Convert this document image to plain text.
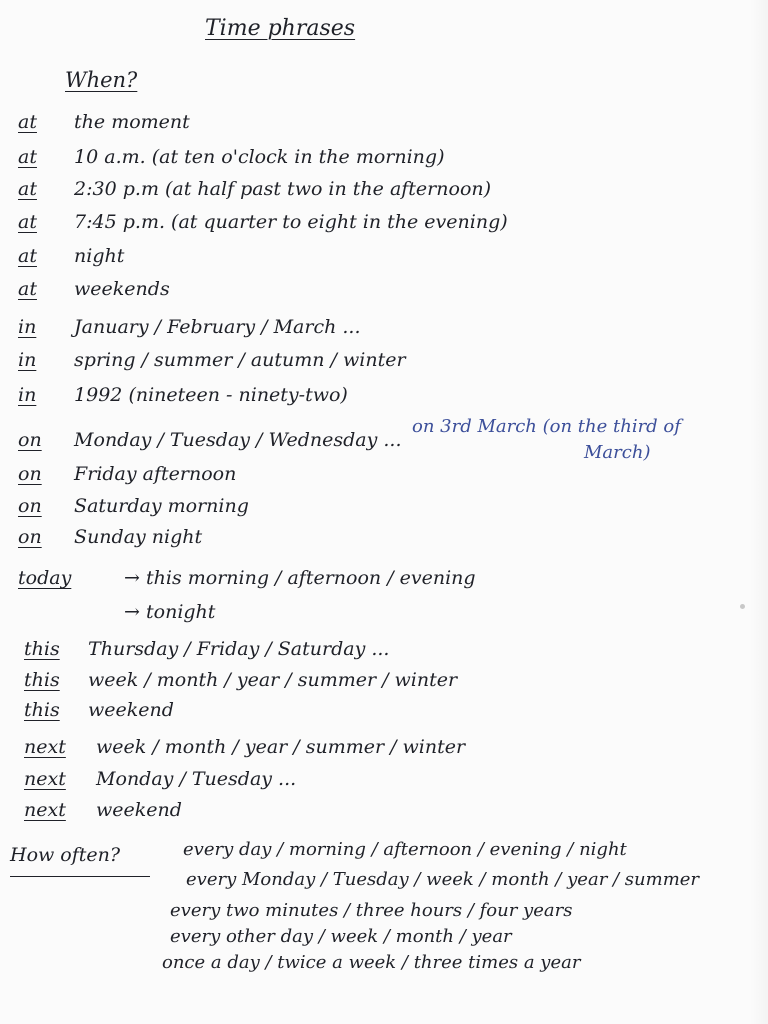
Time phrases
When?
at the moment
at 10 a.m. (at ten o'clock in the morning)
at 2:30 p.m (at half past two in the afternoon)
at 7:45 p.m. (at quarter to eight in the evening)
at night
at weekends
in January / February / March ...
in spring / summer / autumn / winter
in 1992 (nineteen - ninety-two)
on Monday / Tuesday / Wednesday ...
on Friday afternoon
on Saturday morning
on Sunday night
today	→ this morning / afternoon / evening
→ tonight
this Thursday / Friday / Saturday ...
this week / month / year / summer / winter
this weekend
next week / month / year / summer / winter
next Monday / Tuesday ...
next weekend
on 3rd March (on the third of
March)
How often?	every day / morning / afternoon / evening / night
every Monday / Tuesday / week / month / year / summer
every two minutes / three hours / four years
every other day / week / month / year
once a day / twice a week / three times a year
